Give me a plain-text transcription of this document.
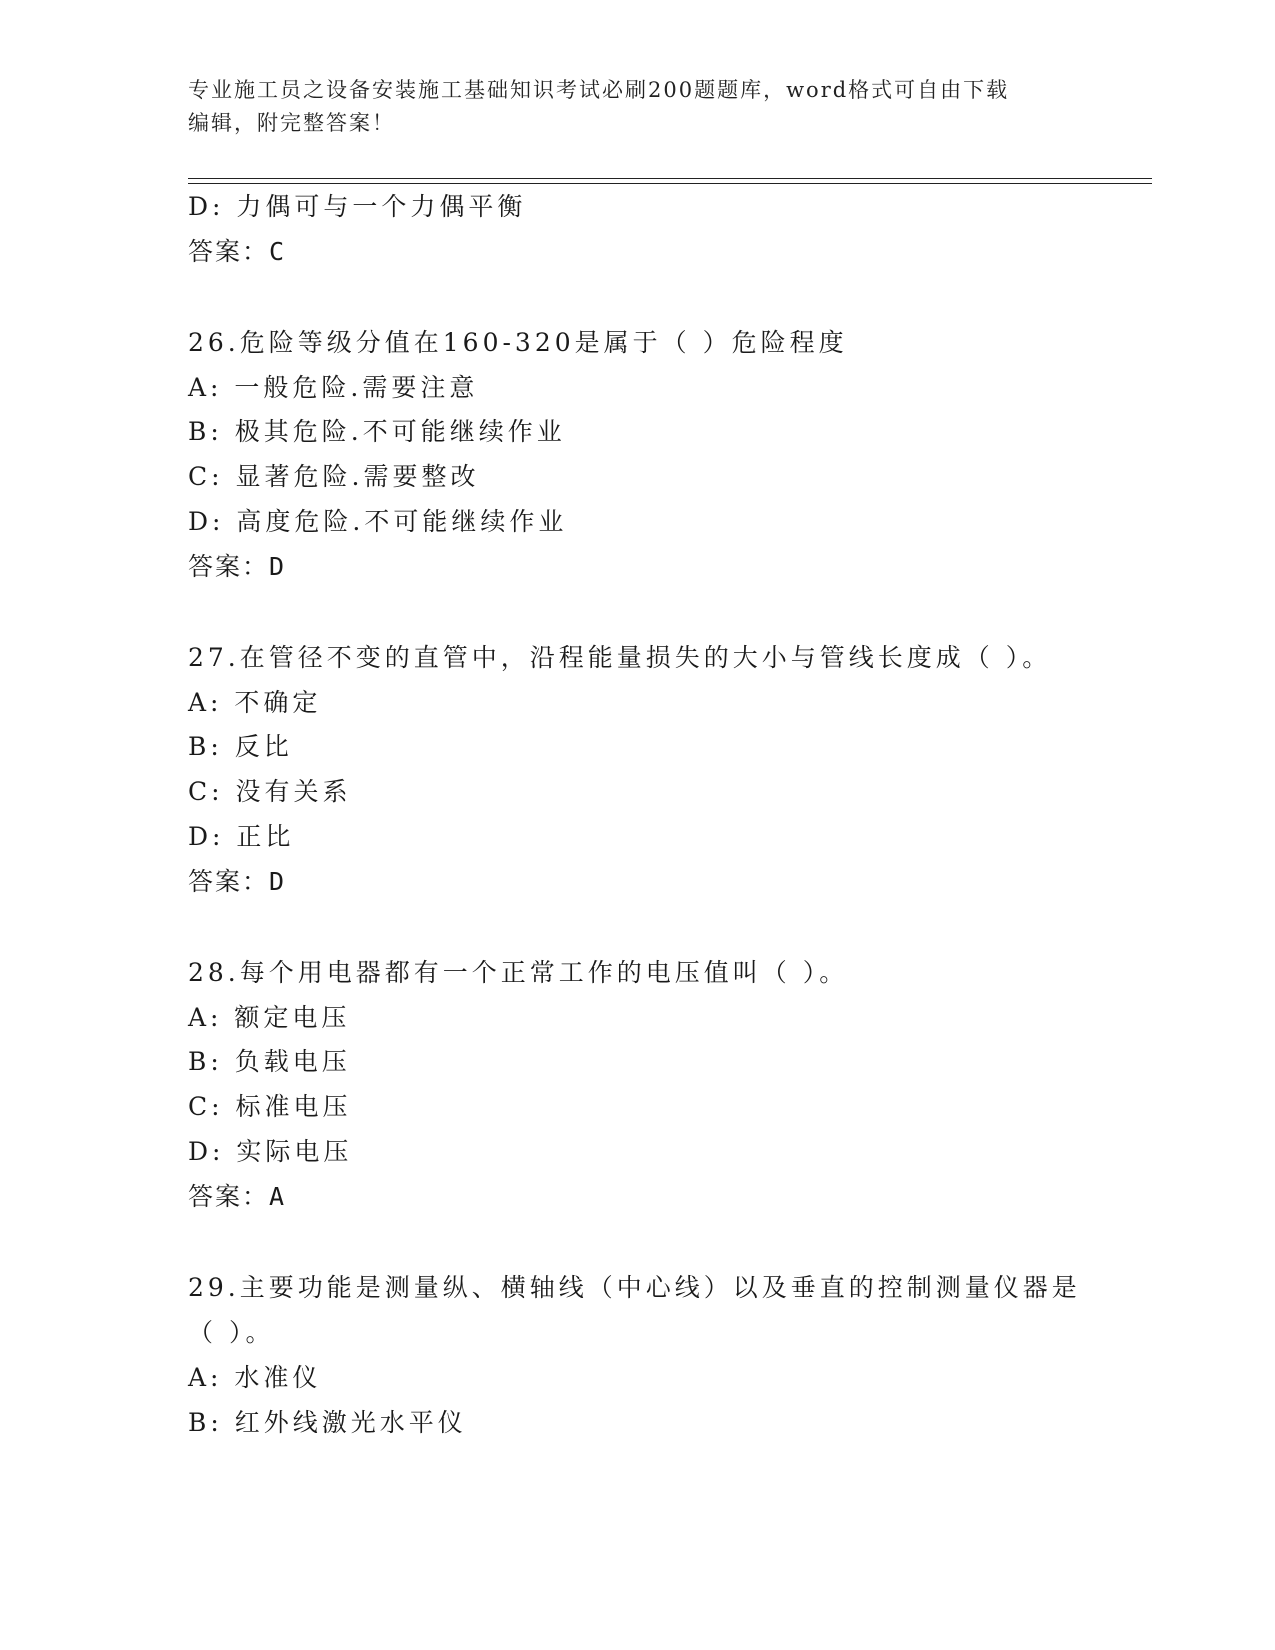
专业施工员之设备安装施工基础知识考试必刷200题题库，word格式可自由下载
编辑，附完整答案！
D: 力偶可与一个力偶平衡
答案：C
26.危险等级分值在160-320是属于（ ）危险程度
A: 一般危险.需要注意
B: 极其危险.不可能继续作业
C: 显著危险.需要整改
D: 高度危险.不可能继续作业
答案：D
27.在管径不变的直管中，沿程能量损失的大小与管线长度成（ ）。
A: 不确定
B: 反比
C: 没有关系
D: 正比
答案：D
28.每个用电器都有一个正常工作的电压值叫（ ）。
A: 额定电压
B: 负载电压
C: 标准电压
D: 实际电压
答案：A
29.主要功能是测量纵、横轴线（中心线）以及垂直的控制测量仪器是
（ ）。
A: 水准仪
B: 红外线激光水平仪
